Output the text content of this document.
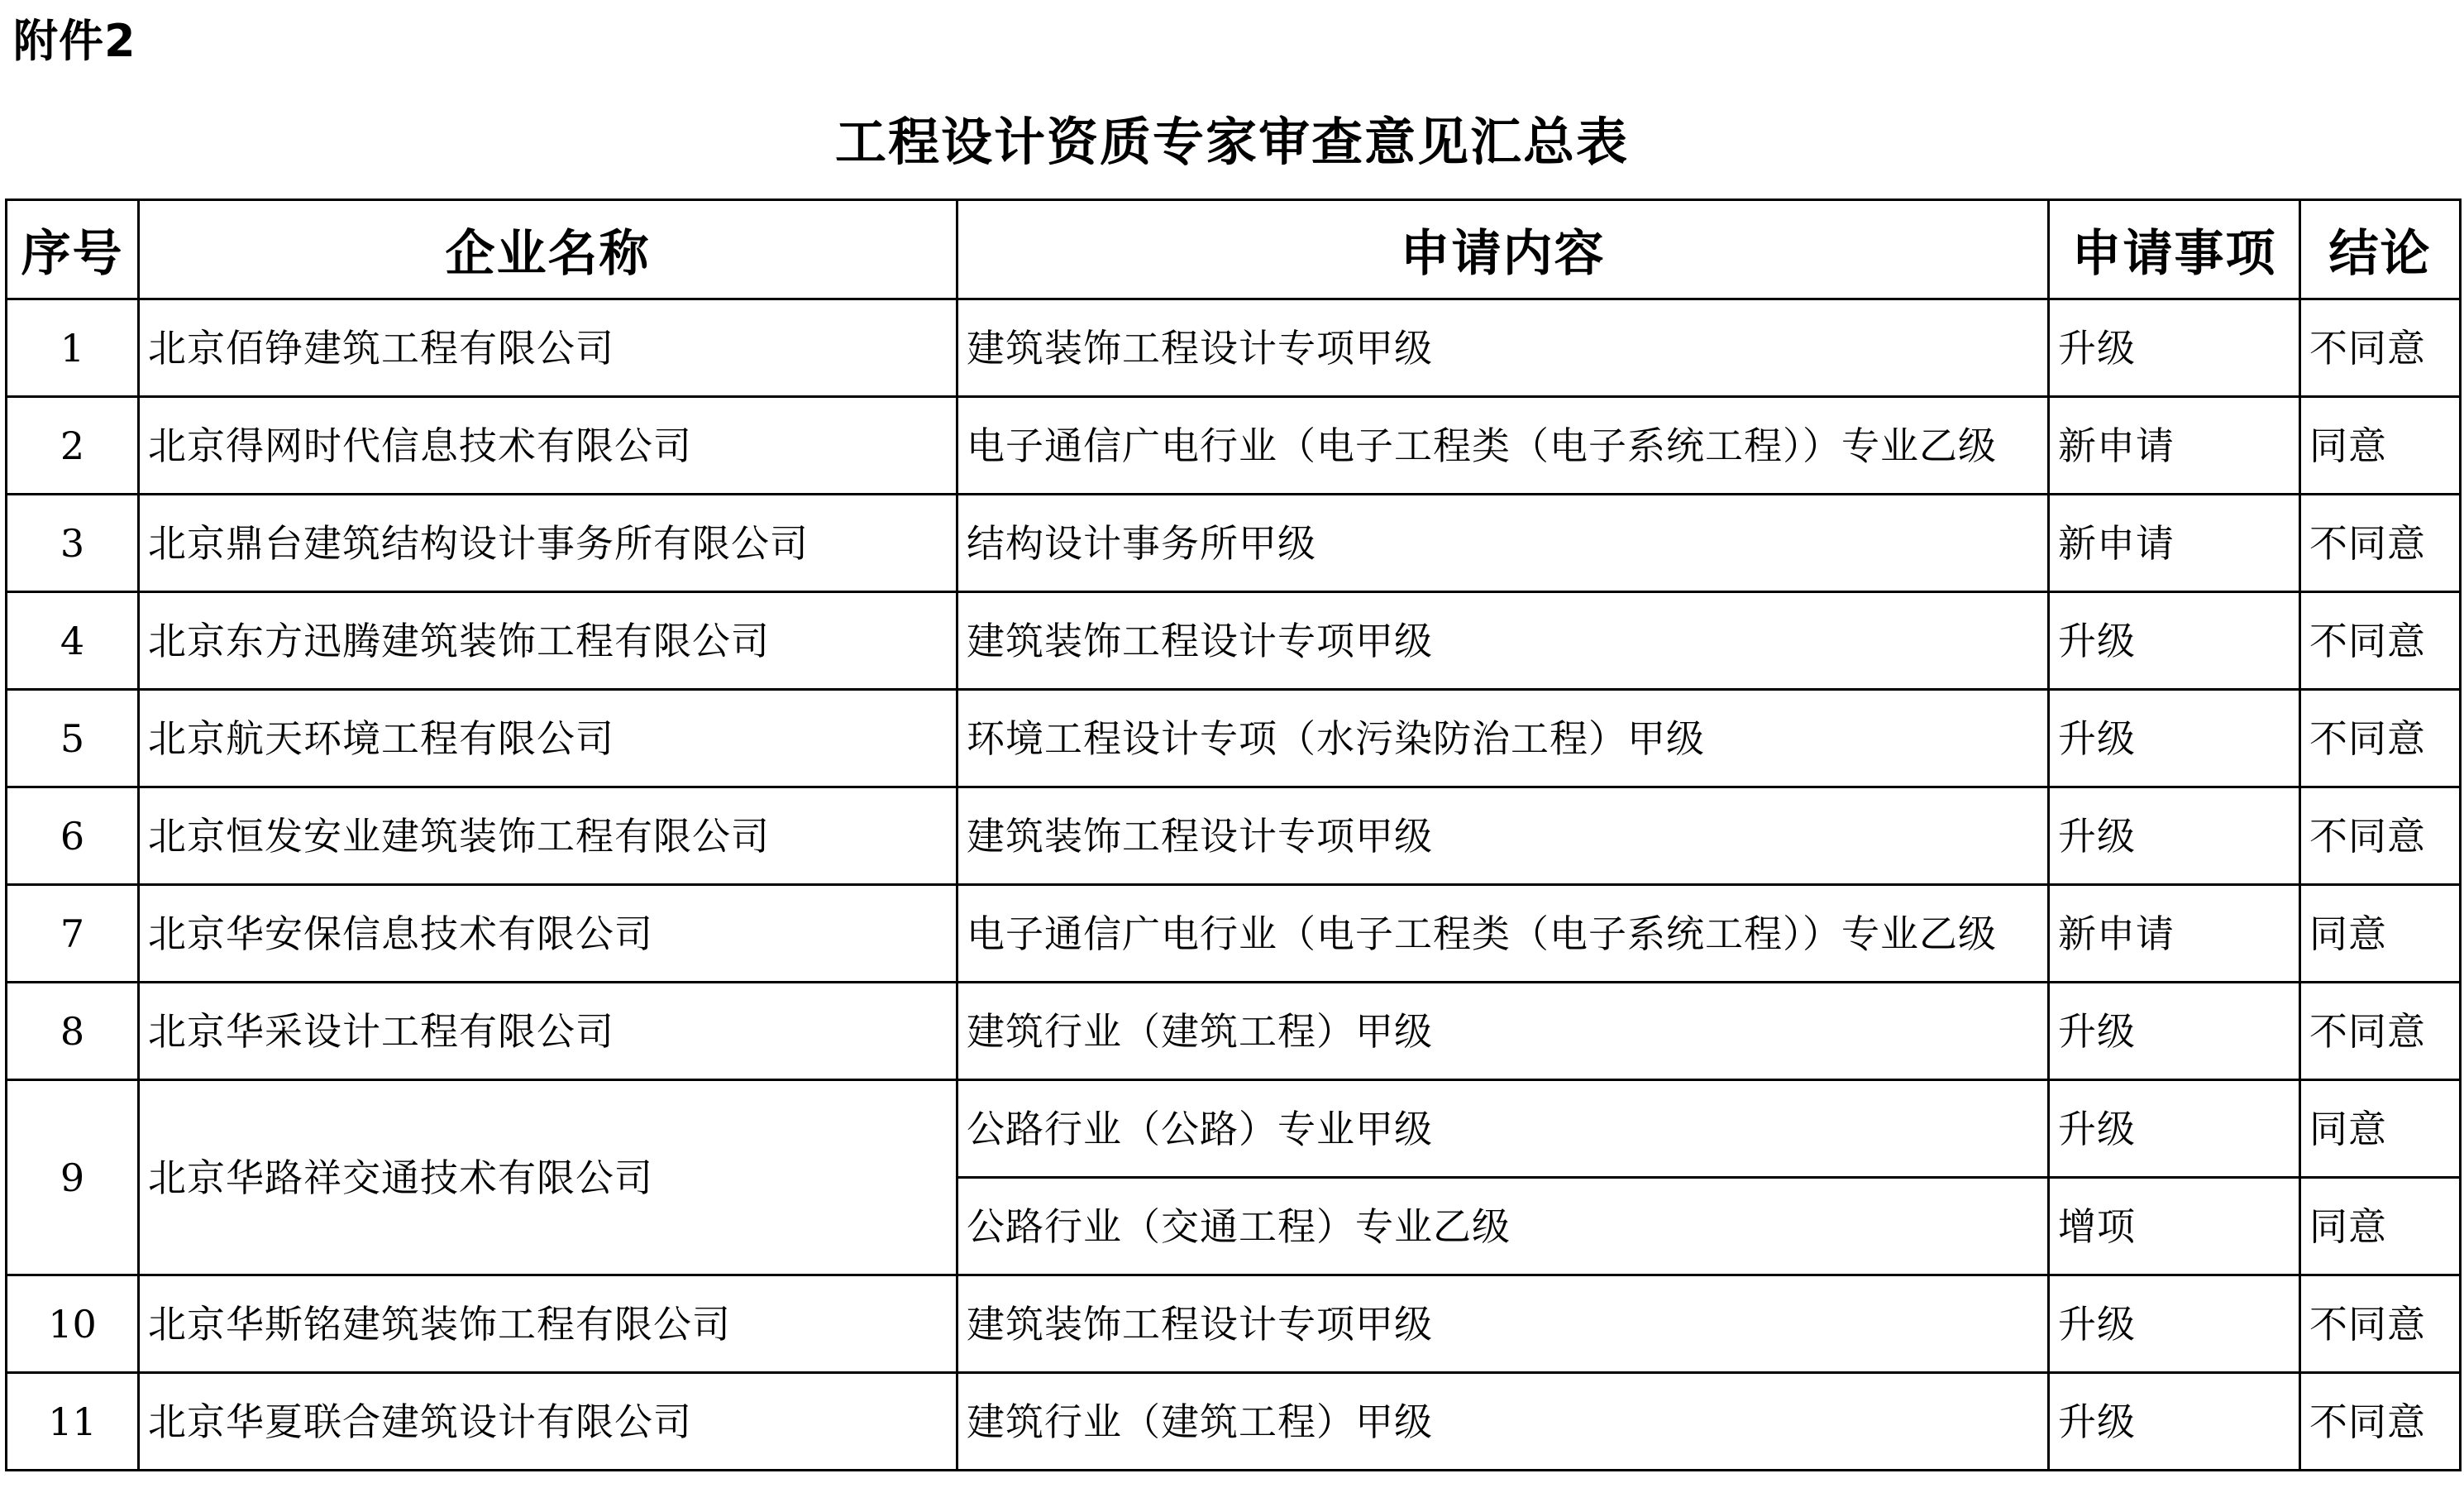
附件2
工程设计资质专家审查意见汇总表
序号	企业名称	申请内容	申请事项	结论
1	北京佰铮建筑工程有限公司	建筑装饰工程设计专项甲级	升级	不同意
2	北京得网时代信息技术有限公司	电子通信广电行业（电子工程类（电子系统工程））专业乙级	新申请	同意
3	北京鼎台建筑结构设计事务所有限公司	结构设计事务所甲级	新申请	不同意
4	北京东方迅腾建筑装饰工程有限公司	建筑装饰工程设计专项甲级	升级	不同意
5	北京航天环境工程有限公司	环境工程设计专项（水污染防治工程）甲级	升级	不同意
6	北京恒发安业建筑装饰工程有限公司	建筑装饰工程设计专项甲级	升级	不同意
7	北京华安保信息技术有限公司	电子通信广电行业（电子工程类（电子系统工程））专业乙级	新申请	同意
8	北京华采设计工程有限公司	建筑行业（建筑工程）甲级	升级	不同意
9	北京华路祥交通技术有限公司	公路行业（公路）专业甲级	升级	同意
		公路行业（交通工程）专业乙级	增项	同意
10	北京华斯铭建筑装饰工程有限公司	建筑装饰工程设计专项甲级	升级	不同意
11	北京华夏联合建筑设计有限公司	建筑行业（建筑工程）甲级	升级	不同意
